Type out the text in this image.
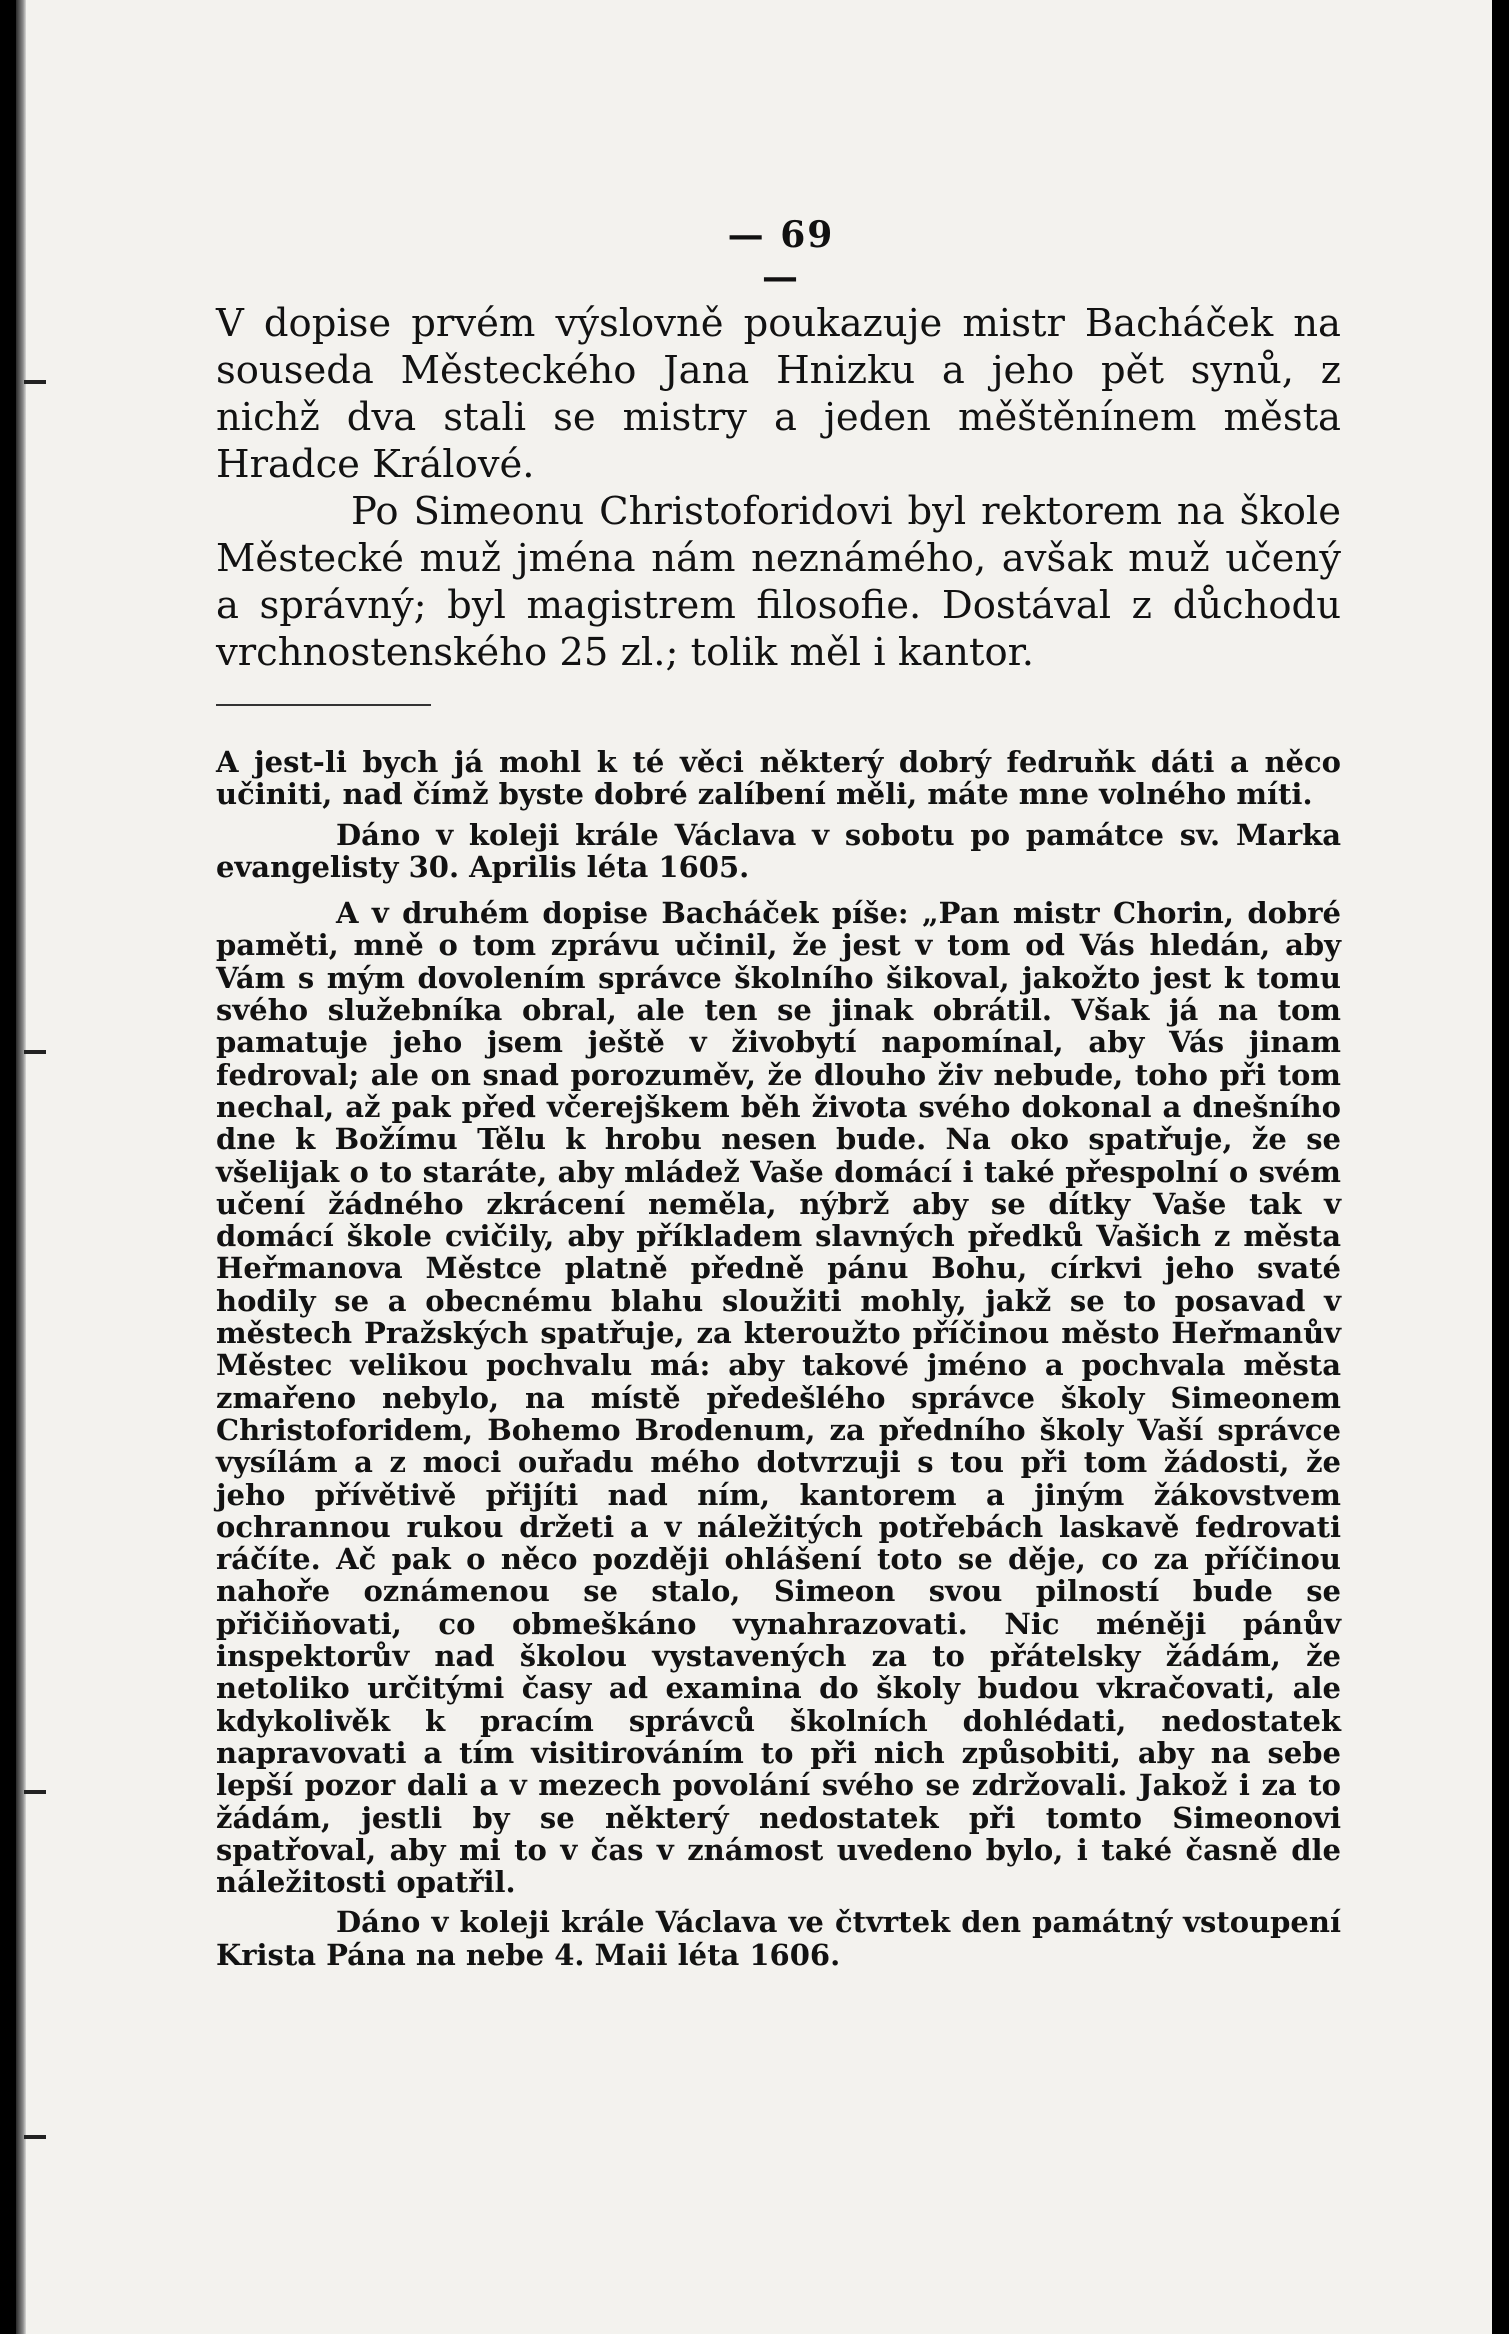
— 69 —

V dopise prvém výslovně poukazuje mistr Bacháček na souseda Městeckého Jana Hnizku a jeho pět synů, z nichž dva stali se mistry a jeden měštěnínem města Hradce Králové.

Po Simeonu Christoforidovi byl rektorem na škole Městecké muž jména nám neznámého, avšak muž učený a správný; byl magistrem filosofie. Dostával z důchodu vrchnostenského 25 zl.; tolik měl i kantor.

A jest-li bych já mohl k té věci některý dobrý fedruňk dáti a něco učiniti, nad čímž byste dobré zalíbení měli, máte mne volného míti.

Dáno v koleji krále Václava v sobotu po památce sv. Marka evangelisty 30. Aprilis léta 1605.

A v druhém dopise Bacháček píše: „Pan mistr Chorin, dobré paměti, mně o tom zprávu učinil, že jest v tom od Vás hledán, aby Vám s mým dovolením správce školního šikoval, jakožto jest k tomu svého služebníka obral, ale ten se jinak obrátil. Však já na tom pamatuje jeho jsem ještě v živobytí napomínal, aby Vás jinam fedroval; ale on snad porozuměv, že dlouho živ nebude, toho při tom nechal, až pak před včerejškem běh života svého dokonal a dnešního dne k Božímu Tělu k hrobu nesen bude. Na oko spatřuje, že se všelijak o to staráte, aby mládež Vaše domácí i také přespolní o svém učení žádného zkrácení neměla, nýbrž aby se dítky Vaše tak v domácí škole cvičily, aby příkladem slavných předků Vašich z města Heřmanova Městce platně předně pánu Bohu, církvi jeho svaté hodily se a obecnému blahu sloužiti mohly, jakž se to posavad v městech Pražských spatřuje, za kteroužto příčinou město Heřmanův Městec velikou pochvalu má: aby takové jméno a pochvala města zmařeno nebylo, na místě předešlého správce školy Simeonem Christoforidem, Bohemo Brodenum, za předního školy Vaší správce vysílám a z moci ouřadu mého dotvrzuji s tou při tom žádosti, že jeho přívětivě přijíti nad ním, kantorem a jiným žákovstvem ochrannou rukou držeti a v náležitých potřebách laskavě fedrovati ráčíte. Ač pak o něco později ohlášení toto se děje, co za příčinou nahoře oznámenou se stalo, Simeon svou pilností bude se přičiňovati, co obmeškáno vynahrazovati. Nic méněji pánův inspektorův nad školou vystavených za to přátelsky žádám, že netoliko určitými časy ad examina do školy budou vkračovati, ale kdykolivěk k pracím správců školních dohlédati, nedostatek napravovati a tím visitirováním to při nich způsobiti, aby na sebe lepší pozor dali a v mezech povolání svého se zdržovali. Jakož i za to žádám, jestli by se některý nedostatek při tomto Simeonovi spatřoval, aby mi to v čas v známost uvedeno bylo, i také časně dle náležitosti opatřil.

Dáno v koleji krále Václava ve čtvrtek den památný vstoupení Krista Pána na nebe 4. Maii léta 1606.
